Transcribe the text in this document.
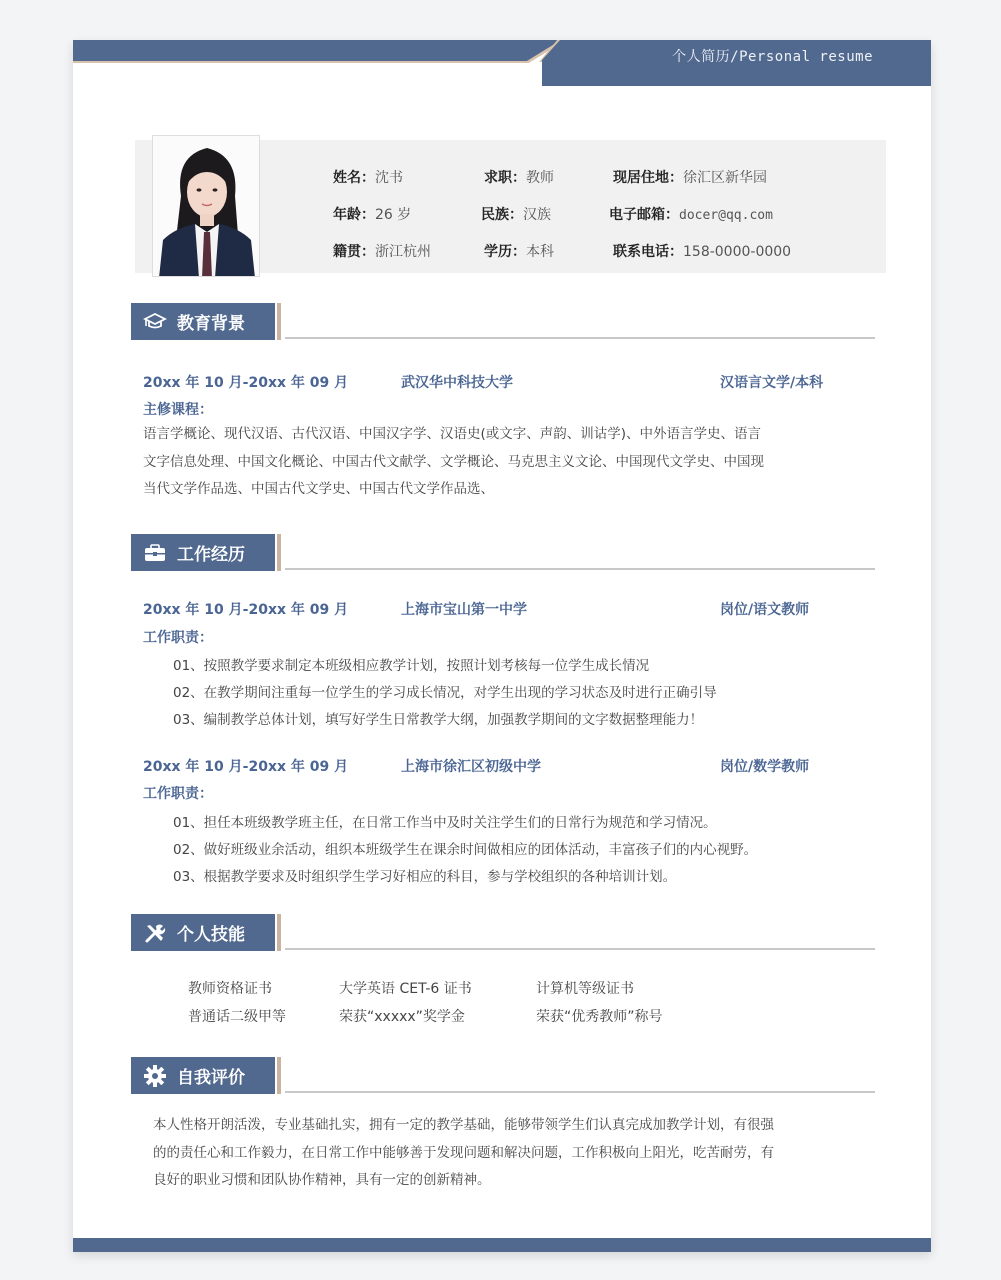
个人简历/Personal resume
姓名：沈书	求职：教师	现居住地：徐汇区新华园
年龄：26 岁	民族：汉族	电子邮箱：docer@qq.com
籍贯：浙江杭州	学历：本科	联系电话：158-0000-0000
教育背景
20xx 年 10 月-20xx 年 09 月	武汉华中科技大学	汉语言文学/本科
主修课程：
语言学概论、现代汉语、古代汉语、中国汉字学、汉语史(或文字、声韵、训诂学)、中外语言学史、语言
文字信息处理、中国文化概论、中国古代文献学、文学概论、马克思主义文论、中国现代文学史、中国现
当代文学作品选、中国古代文学史、中国古代文学作品选、
工作经历
20xx 年 10 月-20xx 年 09 月	上海市宝山第一中学	岗位/语文教师
工作职责：
01、按照教学要求制定本班级相应教学计划，按照计划考核每一位学生成长情况
02、在教学期间注重每一位学生的学习成长情况，对学生出现的学习状态及时进行正确引导
03、编制教学总体计划，填写好学生日常教学大纲，加强教学期间的文字数据整理能力！
20xx 年 10 月-20xx 年 09 月	上海市徐汇区初级中学	岗位/数学教师
工作职责：
01、担任本班级教学班主任，在日常工作当中及时关注学生们的日常行为规范和学习情况。
02、做好班级业余活动，组织本班级学生在课余时间做相应的团体活动，丰富孩子们的内心视野。
03、根据教学要求及时组织学生学习好相应的科目，参与学校组织的各种培训计划。
个人技能
教师资格证书	大学英语 CET-6 证书	计算机等级证书
普通话二级甲等	荣获“xxxxx”奖学金	荣获“优秀教师”称号
自我评价
本人性格开朗活泼，专业基础扎实，拥有一定的教学基础，能够带领学生们认真完成加教学计划，有很强
的的责任心和工作毅力，在日常工作中能够善于发现问题和解决问题，工作积极向上阳光，吃苦耐劳，有
良好的职业习惯和团队协作精神，具有一定的创新精神。
